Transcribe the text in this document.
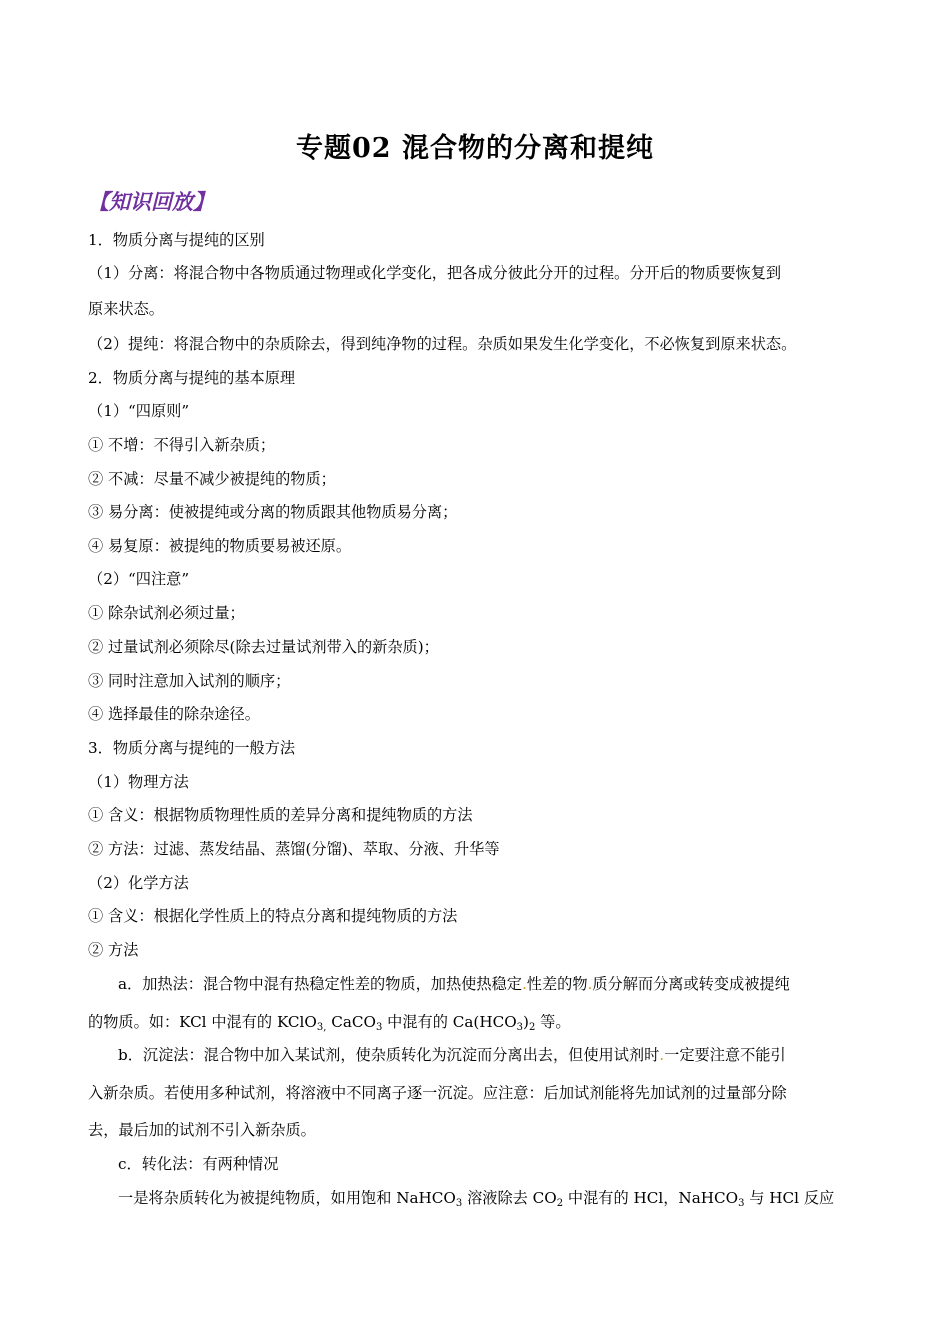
专题02 混合物的分离和提纯
【知识回放】
1．物质分离与提纯的区别
（1）分离：将混合物中各物质通过物理或化学变化，把各成分彼此分开的过程。分开后的物质要恢复到
原来状态。
（2）提纯：将混合物中的杂质除去，得到纯净物的过程。杂质如果发生化学变化，不必恢复到原来状态。
2．物质分离与提纯的基本原理
（1）“四原则”
① 不增：不得引入新杂质；
② 不减：尽量不减少被提纯的物质；
③ 易分离：使被提纯或分离的物质跟其他物质易分离；
④ 易复原：被提纯的物质要易被还原。
（2）“四注意”
① 除杂试剂必须过量；
② 过量试剂必须除尽(除去过量试剂带入的新杂质)；
③ 同时注意加入试剂的顺序；
④ 选择最佳的除杂途径。
3．物质分离与提纯的一般方法
（1）物理方法
① 含义：根据物质物理性质的差异分离和提纯物质的方法
② 方法：过滤、蒸发结晶、蒸馏(分馏)、萃取、分液、升华等
（2）化学方法
① 含义：根据化学性质上的特点分离和提纯物质的方法
② 方法
a．加热法：混合物中混有热稳定性差的物质，加热使热稳定.性差的物.质分解而分离或转变成被提纯
的物质。如：KCl 中混有的 KClO$_{3,}$ CaCO$_3$ 中混有的 $Ca(HCO_3)_2$ 等。
b．沉淀法：混合物中加入某试剂，使杂质转化为沉淀而分离出去，但使用试剂时.一定要注意不能引
入新杂质。若使用多种试剂，将溶液中不同离子逐一沉淀。应注意：后加试剂能将先加试剂的过量部分除
去，最后加的试剂不引入新杂质。
c．转化法：有两种情况
一是将杂质转化为被提纯物质，如用饱和 NaHCO$_3$ 溶液除去 $CO_2$ 中混有的 HCl，NaHCO$_3$ 与 HCl 反应
